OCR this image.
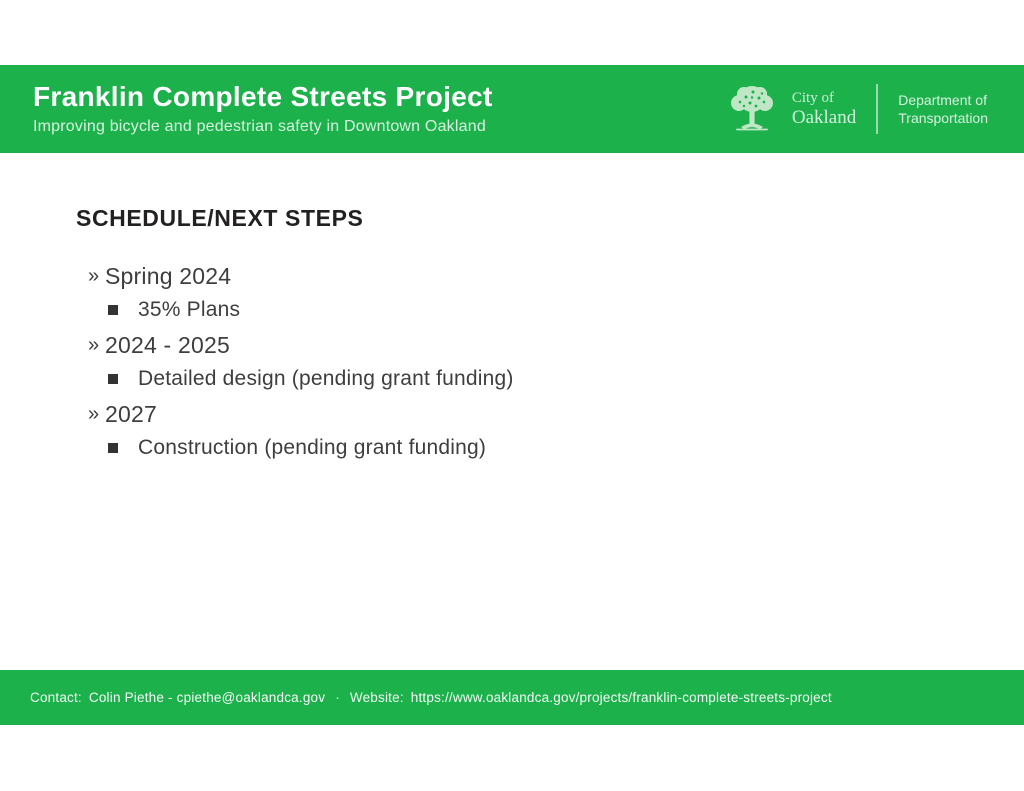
Franklin Complete Streets Project
Improving bicycle and pedestrian safety in Downtown Oakland
City of
Oakland
Department of
Transportation
SCHEDULE/NEXT STEPS
» Spring 2024
35% Plans
» 2024 - 2025
Detailed design (pending grant funding)
» 2027
Construction (pending grant funding)
Contact: Colin Piethe - cpiethe@oaklandca.gov · Website: https://www.oaklandca.gov/projects/franklin-complete-streets-project
